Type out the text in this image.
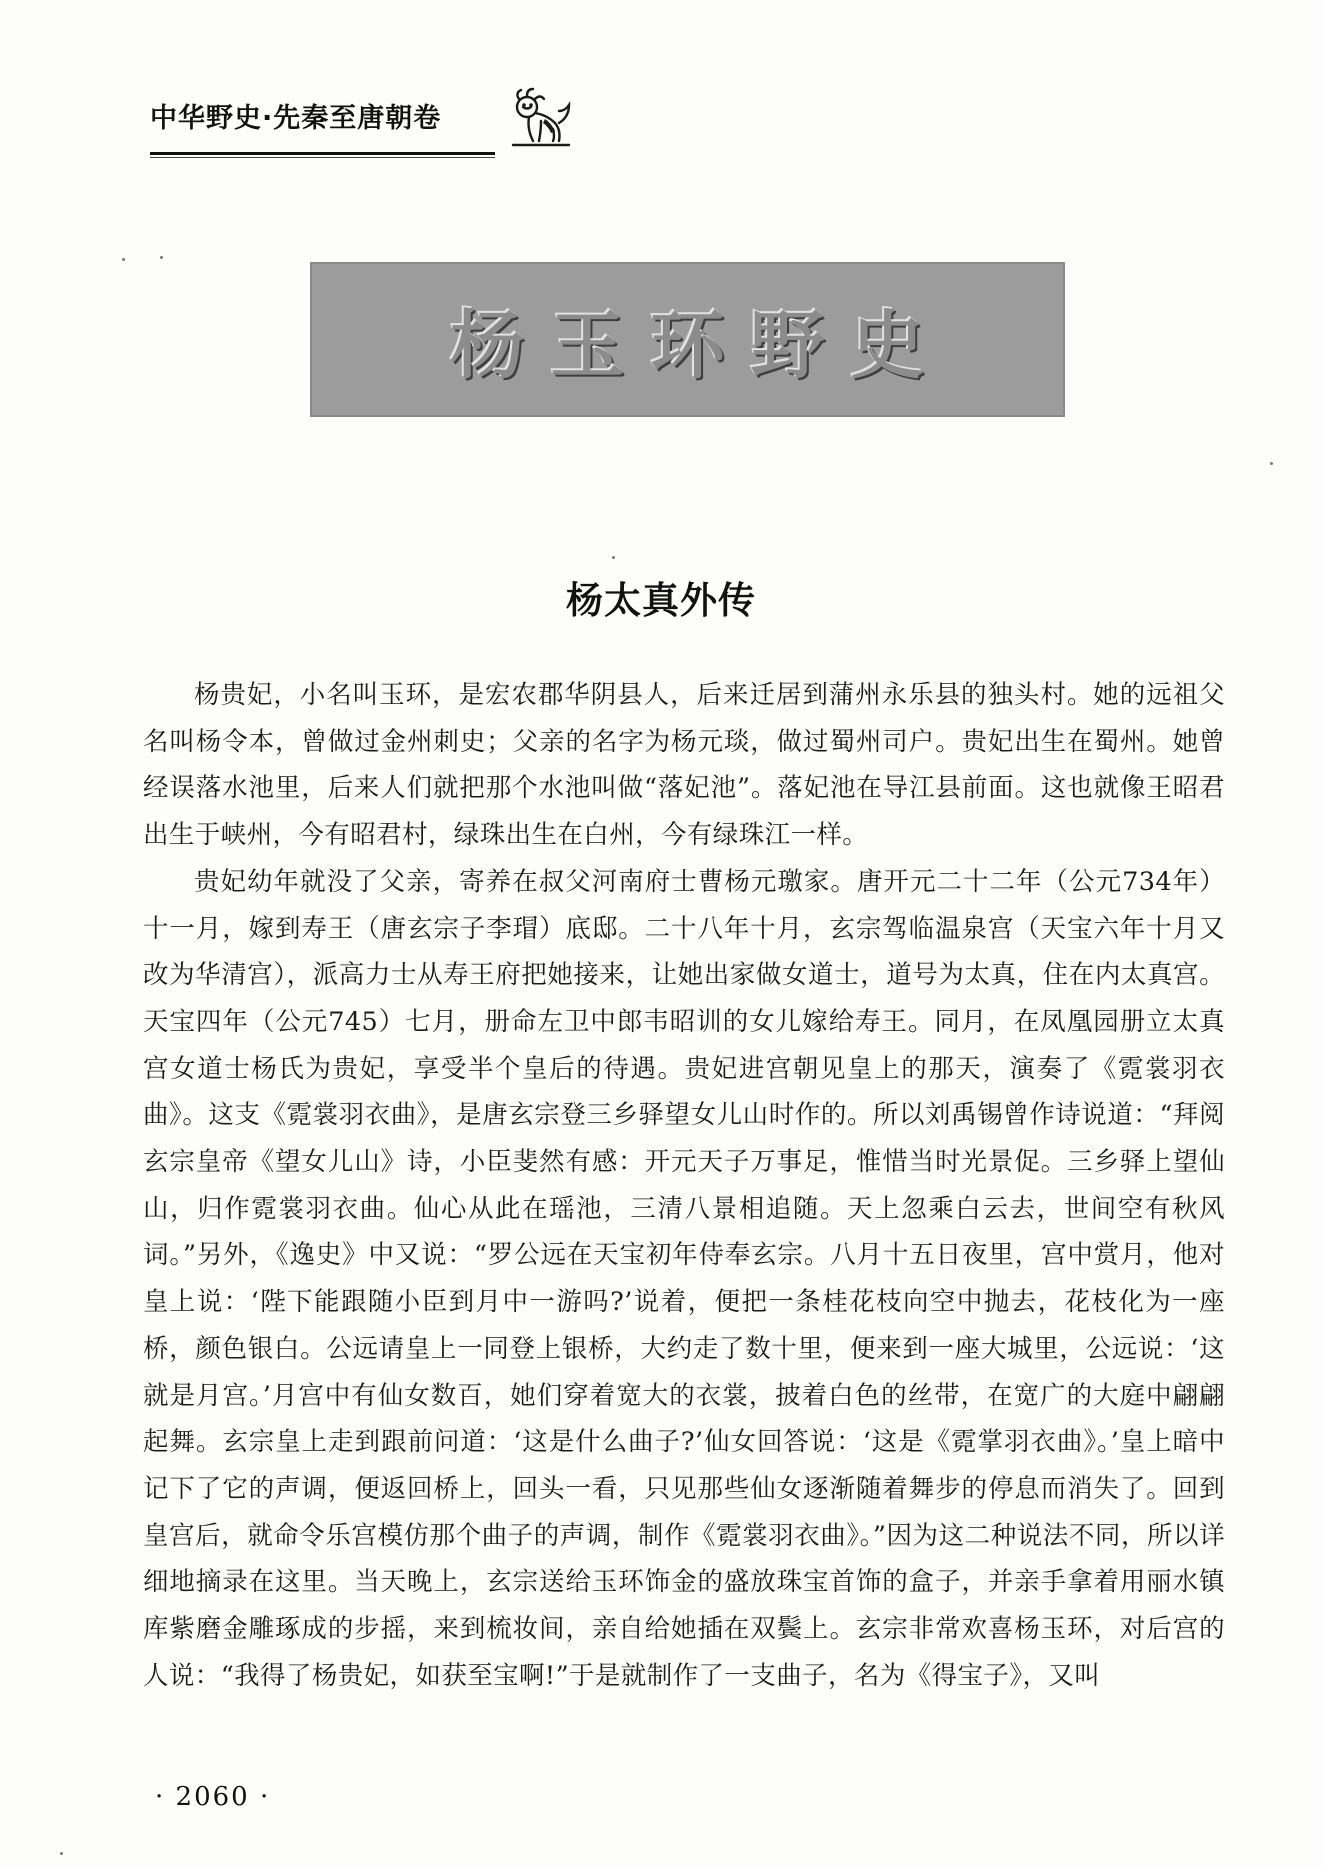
中华野史·先秦至唐朝卷
杨玉环野史
杨太真外传

杨贵妃，小名叫玉环，是宏农郡华阴县人，后来迁居到蒲州永乐县的独头村。她的远祖父名叫杨令本，曾做过金州刺史；父亲的名字为杨元琰，做过蜀州司户。贵妃出生在蜀州。她曾经误落水池里，后来人们就把那个水池叫做“落妃池”。落妃池在导江县前面。这也就像王昭君出生于峡州，今有昭君村，绿珠出生在白州，今有绿珠江一样。

贵妃幼年就没了父亲，寄养在叔父河南府士曹杨元璬家。唐开元二十二年（公元734年）十一月，嫁到寿王（唐玄宗子李瑁）底邸。二十八年十月，玄宗驾临温泉宫（天宝六年十月又改为华清宫），派高力士从寿王府把她接来，让她出家做女道士，道号为太真，住在内太真宫。天宝四年（公元745）七月，册命左卫中郎韦昭训的女儿嫁给寿王。同月，在凤凰园册立太真宫女道士杨氏为贵妃，享受半个皇后的待遇。贵妃进宫朝见皇上的那天，演奏了《霓裳羽衣曲》。这支《霓裳羽衣曲》，是唐玄宗登三乡驿望女儿山时作的。所以刘禹锡曾作诗说道：“拜阅玄宗皇帝《望女儿山》诗，小臣斐然有感：开元天子万事足，惟惜当时光景促。三乡驿上望仙山，归作霓裳羽衣曲。仙心从此在瑶池，三清八景相追随。天上忽乘白云去，世间空有秋风词。”另外，《逸史》中又说：“罗公远在天宝初年侍奉玄宗。八月十五日夜里，宫中赏月，他对皇上说：‘陛下能跟随小臣到月中一游吗?’说着，便把一条桂花枝向空中抛去，花枝化为一座桥，颜色银白。公远请皇上一同登上银桥，大约走了数十里，便来到一座大城里，公远说：‘这就是月宫。’月宫中有仙女数百，她们穿着宽大的衣裳，披着白色的丝带，在宽广的大庭中翩翩起舞。玄宗皇上走到跟前问道：‘这是什么曲子?’仙女回答说：‘这是《霓掌羽衣曲》。’皇上暗中记下了它的声调，便返回桥上，回头一看，只见那些仙女逐渐随着舞步的停息而消失了。回到皇宫后，就命令乐宫模仿那个曲子的声调，制作《霓裳羽衣曲》。”因为这二种说法不同，所以详细地摘录在这里。当天晚上，玄宗送给玉环饰金的盛放珠宝首饰的盒子，并亲手拿着用丽水镇库紫磨金雕琢成的步摇，来到梳妆间，亲自给她插在双鬓上。玄宗非常欢喜杨玉环，对后宫的人说：“我得了杨贵妃，如获至宝啊!”于是就制作了一支曲子，名为《得宝子》，又叫

· 2060 ·
